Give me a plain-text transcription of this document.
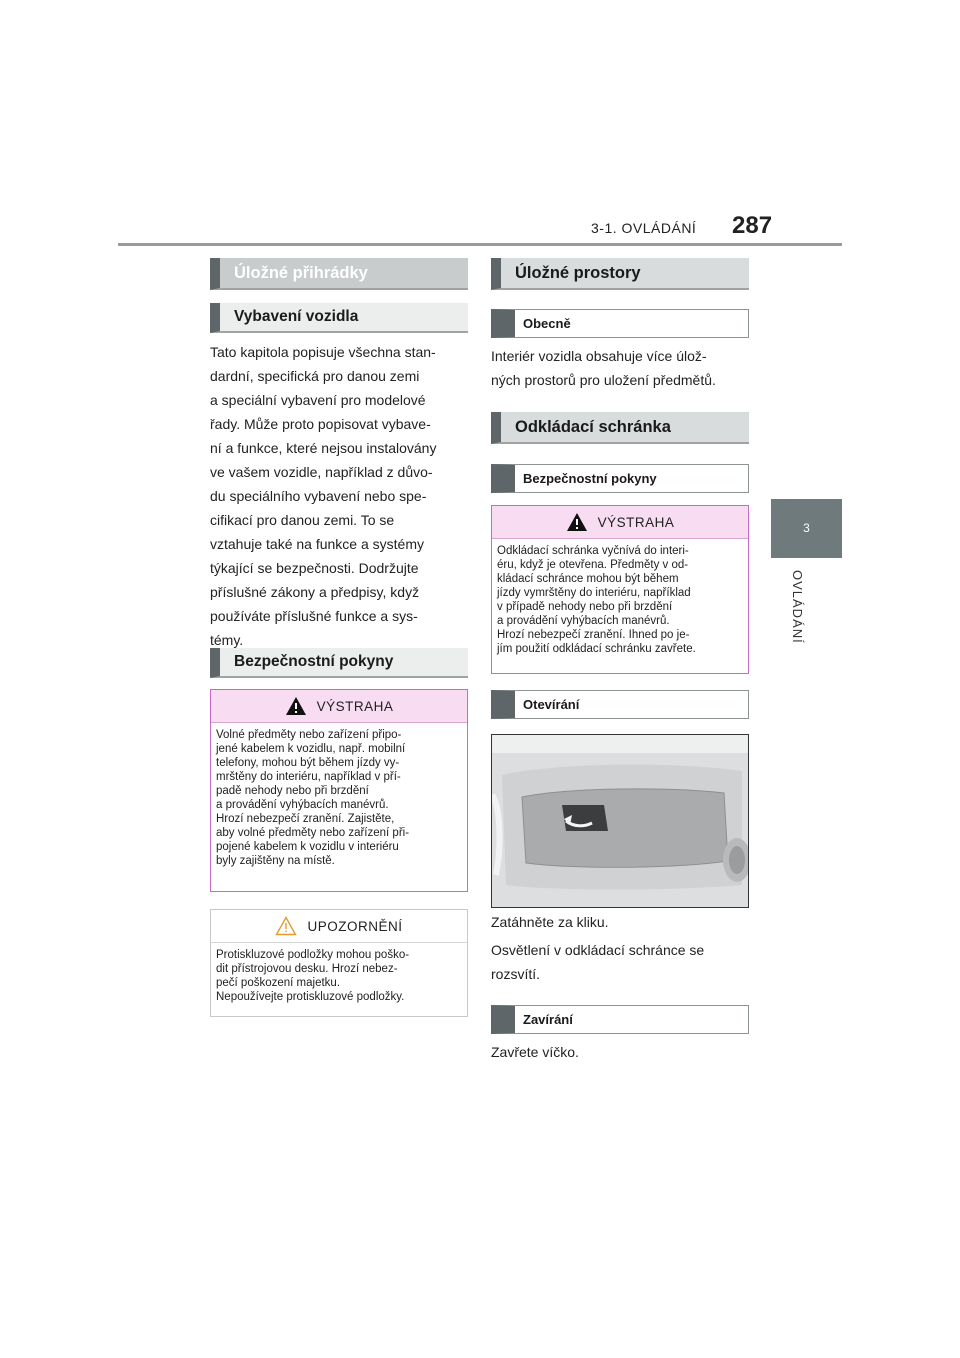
3-1. OVLÁDÁNÍ 287
3
OVLÁDÁNÍ
Úložné přihrádky
Vybavení vozidla

Tato kapitola popisuje všechna stan-

dardní, specifická pro danou zemi

a speciální vybavení pro modelové

řady. Může proto popisovat vybave-

ní a funkce, které nejsou instalovány

ve vašem vozidle, například z důvo-

du speciálního vybavení nebo spe-

cifikací pro danou zemi. To se

vztahuje také na funkce a systémy

týkající se bezpečnosti. Dodržujte

příslušné zákony a předpisy, když

používáte příslušné funkce a sys-

témy.

Bezpečnostní pokyny
VÝSTRAHA
Volné předměty nebo zařízení připo-
jené kabelem k vozidlu, např. mobilní
telefony, mohou být během jízdy vy-
mrštěny do interiéru, například v pří-
padě nehody nebo při brzdění
a provádění vyhýbacích manévrů.
Hrozí nebezpečí zranění. Zajistěte,
aby volné předměty nebo zařízení při-
pojené kabelem k vozidlu v interiéru
byly zajištěny na místě.
UPOZORNĚNÍ
Protiskluzové podložky mohou poško-
dit přístrojovou desku. Hrozí nebez-
pečí poškození majetku.
Nepoužívejte protiskluzové podložky.
Úložné prostory
Obecně

Interiér vozidla obsahuje více úlož-

ných prostorů pro uložení předmětů.

Odkládací schránka
Bezpečnostní pokyny
VÝSTRAHA
Odkládací schránka vyčnívá do interi-
éru, když je otevřena. Předměty v od-
kládací schránce mohou být během
jízdy vymrštěny do interiéru, například
v případě nehody nebo při brzdění
a provádění vyhýbacích manévrů.
Hrozí nebezpečí zranění. Ihned po je-
jím použití odkládací schránku zavřete.
Otevírání

Zatáhněte za kliku.

Osvětlení v odkládací schránce se

rozsvítí.

Zavírání

Zavřete víčko.
